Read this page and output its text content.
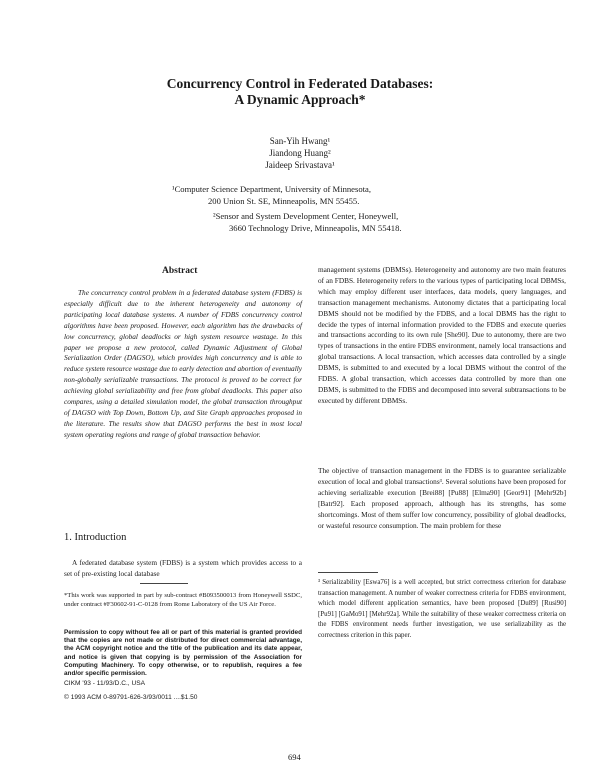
Concurrency Control in Federated Databases:
A Dynamic Approach*
San-Yih Hwang¹
Jiandong Huang²
Jaideep Srivastava¹
¹Computer Science Department, University of Minnesota,
200 Union St. SE, Minneapolis, MN 55455.
²Sensor and System Development Center, Honeywell,
3660 Technology Drive, Minneapolis, MN 55418.
Abstract

The concurrency control problem in a federated database system (FDBS) is especially difficult due to the inherent heterogeneity and autonomy of participating local database systems. A number of FDBS concurrency control algorithms have been proposed. However, each algorithm has the drawbacks of low concurrency, global deadlocks or high system resource wastage. In this paper we propose a new protocol, called Dynamic Adjustment of Global Serialization Order (DAGSO), which provides high concurrency and is able to reduce system resource wastage due to early detection and abortion of eventually non-globally serializable transactions. The protocol is proved to be correct for achieving global serializability and free from global deadlocks. This paper also compares, using a detailed simulation model, the global transaction throughput of DAGSO with Top Down, Bottom Up, and Site Graph approaches proposed in the literature. The results show that DAGSO performs the best in most local system operating regions and range of global transaction behavior.

1. Introduction

A federated database system (FDBS) is a system which provides access to a set of pre-existing local database

*This work was supported in part by sub-contract #B093500013 from Honeywell SSDC, under contract #F30602-91-C-0128 from Rome Laboratory of the US Air Force.

Permission to copy without fee all or part of this material is granted provided that the copies are not made or distributed for direct commercial advantage, the ACM copyright notice and the title of the publication and its date appear, and notice is given that copying is by permission of the Association for Computing Machinery. To copy otherwise, or to republish, requires a fee and/or specific permission.

CIKM '93 - 11/93/D.C., USA
© 1993 ACM 0-89791-626-3/93/0011 ....$1.50
694

management systems (DBMSs). Heterogeneity and autonomy are two main features of an FDBS. Heterogeneity refers to the various types of participating local DBMSs, which may employ different user interfaces, data models, query languages, and transaction management mechanisms. Autonomy dictates that a participating local DBMS should not be modified by the FDBS, and a local DBMS has the right to decide the types of internal information provided to the FDBS and execute queries and transactions according to its own rule [She90]. Due to autonomy, there are two types of transactions in the entire FDBS environment, namely local transactions and global transactions. A local transaction, which accesses data controlled by a single DBMS, is submitted to and executed by a local DBMS without the control of the FDBS. A global transaction, which accesses data controlled by more than one DBMS, is submitted to the FDBS and decomposed into several subtransactions to be executed by different DBMSs.

The objective of transaction management in the FDBS is to guarantee serializable execution of local and global transactions³. Several solutions have been proposed for achieving serializable execution [Brei88] [Pu88] [Elma90] [Geor91] [Mehr92b] [Batr92]. Each proposed approach, although has its strengths, has some shortcomings. Most of them suffer low concurrency, possibility of global deadlocks, or wasteful resource consumption. The main problem for these

³ Serializability [Eswa76] is a well accepted, but strict correctness criterion for database transaction management. A number of weaker correctness criteria for FDBS environment, which model different application semantics, have been proposed [Du89] [Rusi90] [Pu91] [GaMo91] [Mehr92a]. While the suitability of these weaker correctness criteria on the FDBS environment needs further investigation, we use serializability as the correctness criterion in this paper.
